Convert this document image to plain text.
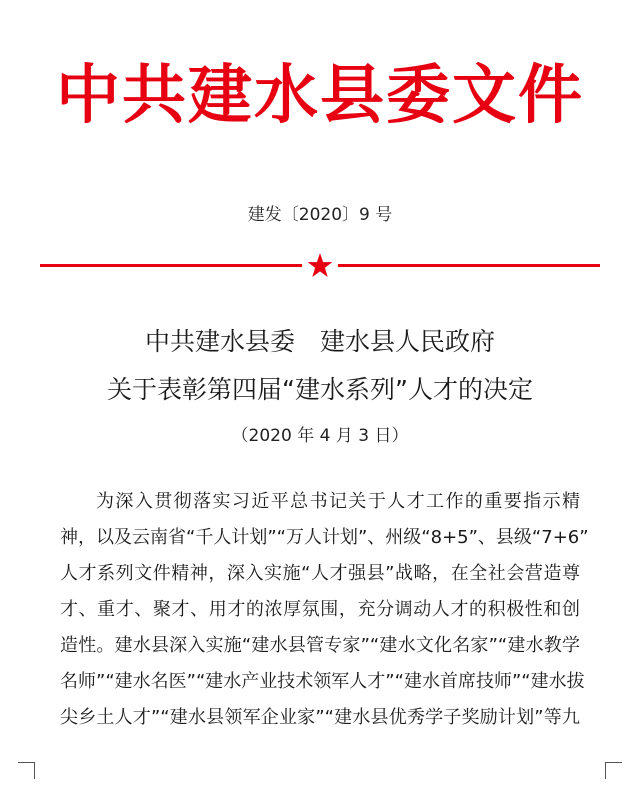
中共建水县委文件
建发〔2020〕9 号
中共建水县委　建水县人民政府
关于表彰第四届“建水系列”人才的决定
（2020 年 4 月 3 日）
为深入贯彻落实习近平总书记关于人才工作的重要指示精
神，以及云南省“千人计划”“万人计划”、州级“8+5”、县级“7+6”
人才系列文件精神，深入实施“人才强县”战略，在全社会营造尊
才、重才、聚才、用才的浓厚氛围，充分调动人才的积极性和创
造性。建水县深入实施“建水县管专家”“建水文化名家”“建水教学
名师”“建水名医”“建水产业技术领军人才”“建水首席技师”“建水拔
尖乡土人才”“建水县领军企业家”“建水县优秀学子奖励计划”等九
